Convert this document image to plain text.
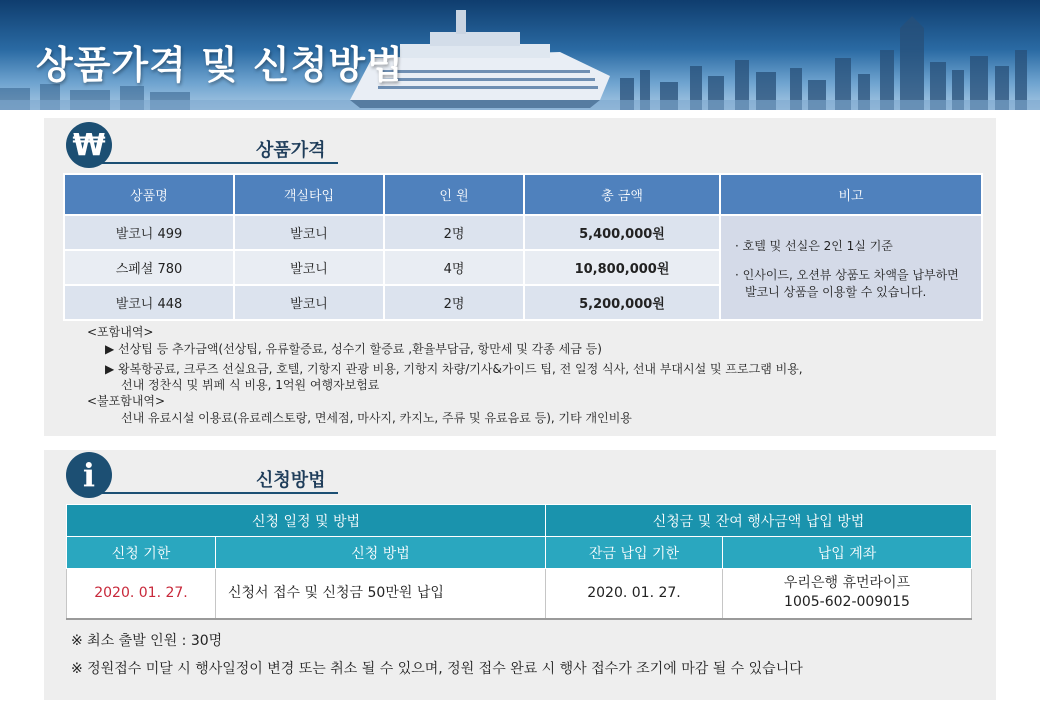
상품가격 및 신청방법
₩	상품가격
상품명	객실타입	인 원	총 금액	비고
발코니 499	발코니	2명	5,400,000원	· 호텔 및 선실은 2인 1실 기준
· 인사이드, 오션뷰 상품도 차액을 납부하면
발코니 상품을 이용할 수 있습니다.

스페셜 780	발코니	4명	10,800,000원	
발코니 448	발코니	2명	5,200,000원	
<포함내역>
▶ 선상팁 등 추가금액(선상팁, 유류할증료, 성수기 할증료 ,환율부담금, 항만세 및 각종 세금 등)
▶ 왕복항공료, 크루즈 선실요금, 호텔, 기항지 관광 비용, 기항지 차량/기사&가이드 팁, 전 일정 식사, 선내 부대시설 및 프로그램 비용,
선내 정찬식 및 뷔페 식 비용, 1억원 여행자보험료
<불포함내역>
선내 유료시설 이용료(유료레스토랑, 면세점, 마사지, 카지노, 주류 및 유료음료 등), 기타 개인비용
i	신청방법
신청 일정 및 방법		신청금 및 잔여 행사금액 납입 방법	
신청 기한	신청 방법	잔금 납입 기한	납입 계좌
2020. 01. 27.	신청서 접수 및 신청금 50만원 납입	2020. 01. 27.	우리은행 휴먼라이프
1005-602-009015
※ 최소 출발 인원 : 30명
※ 정원접수 미달 시 행사일정이 변경 또는 취소 될 수 있으며, 정원 접수 완료 시 행사 접수가 조기에 마감 될 수 있습니다
